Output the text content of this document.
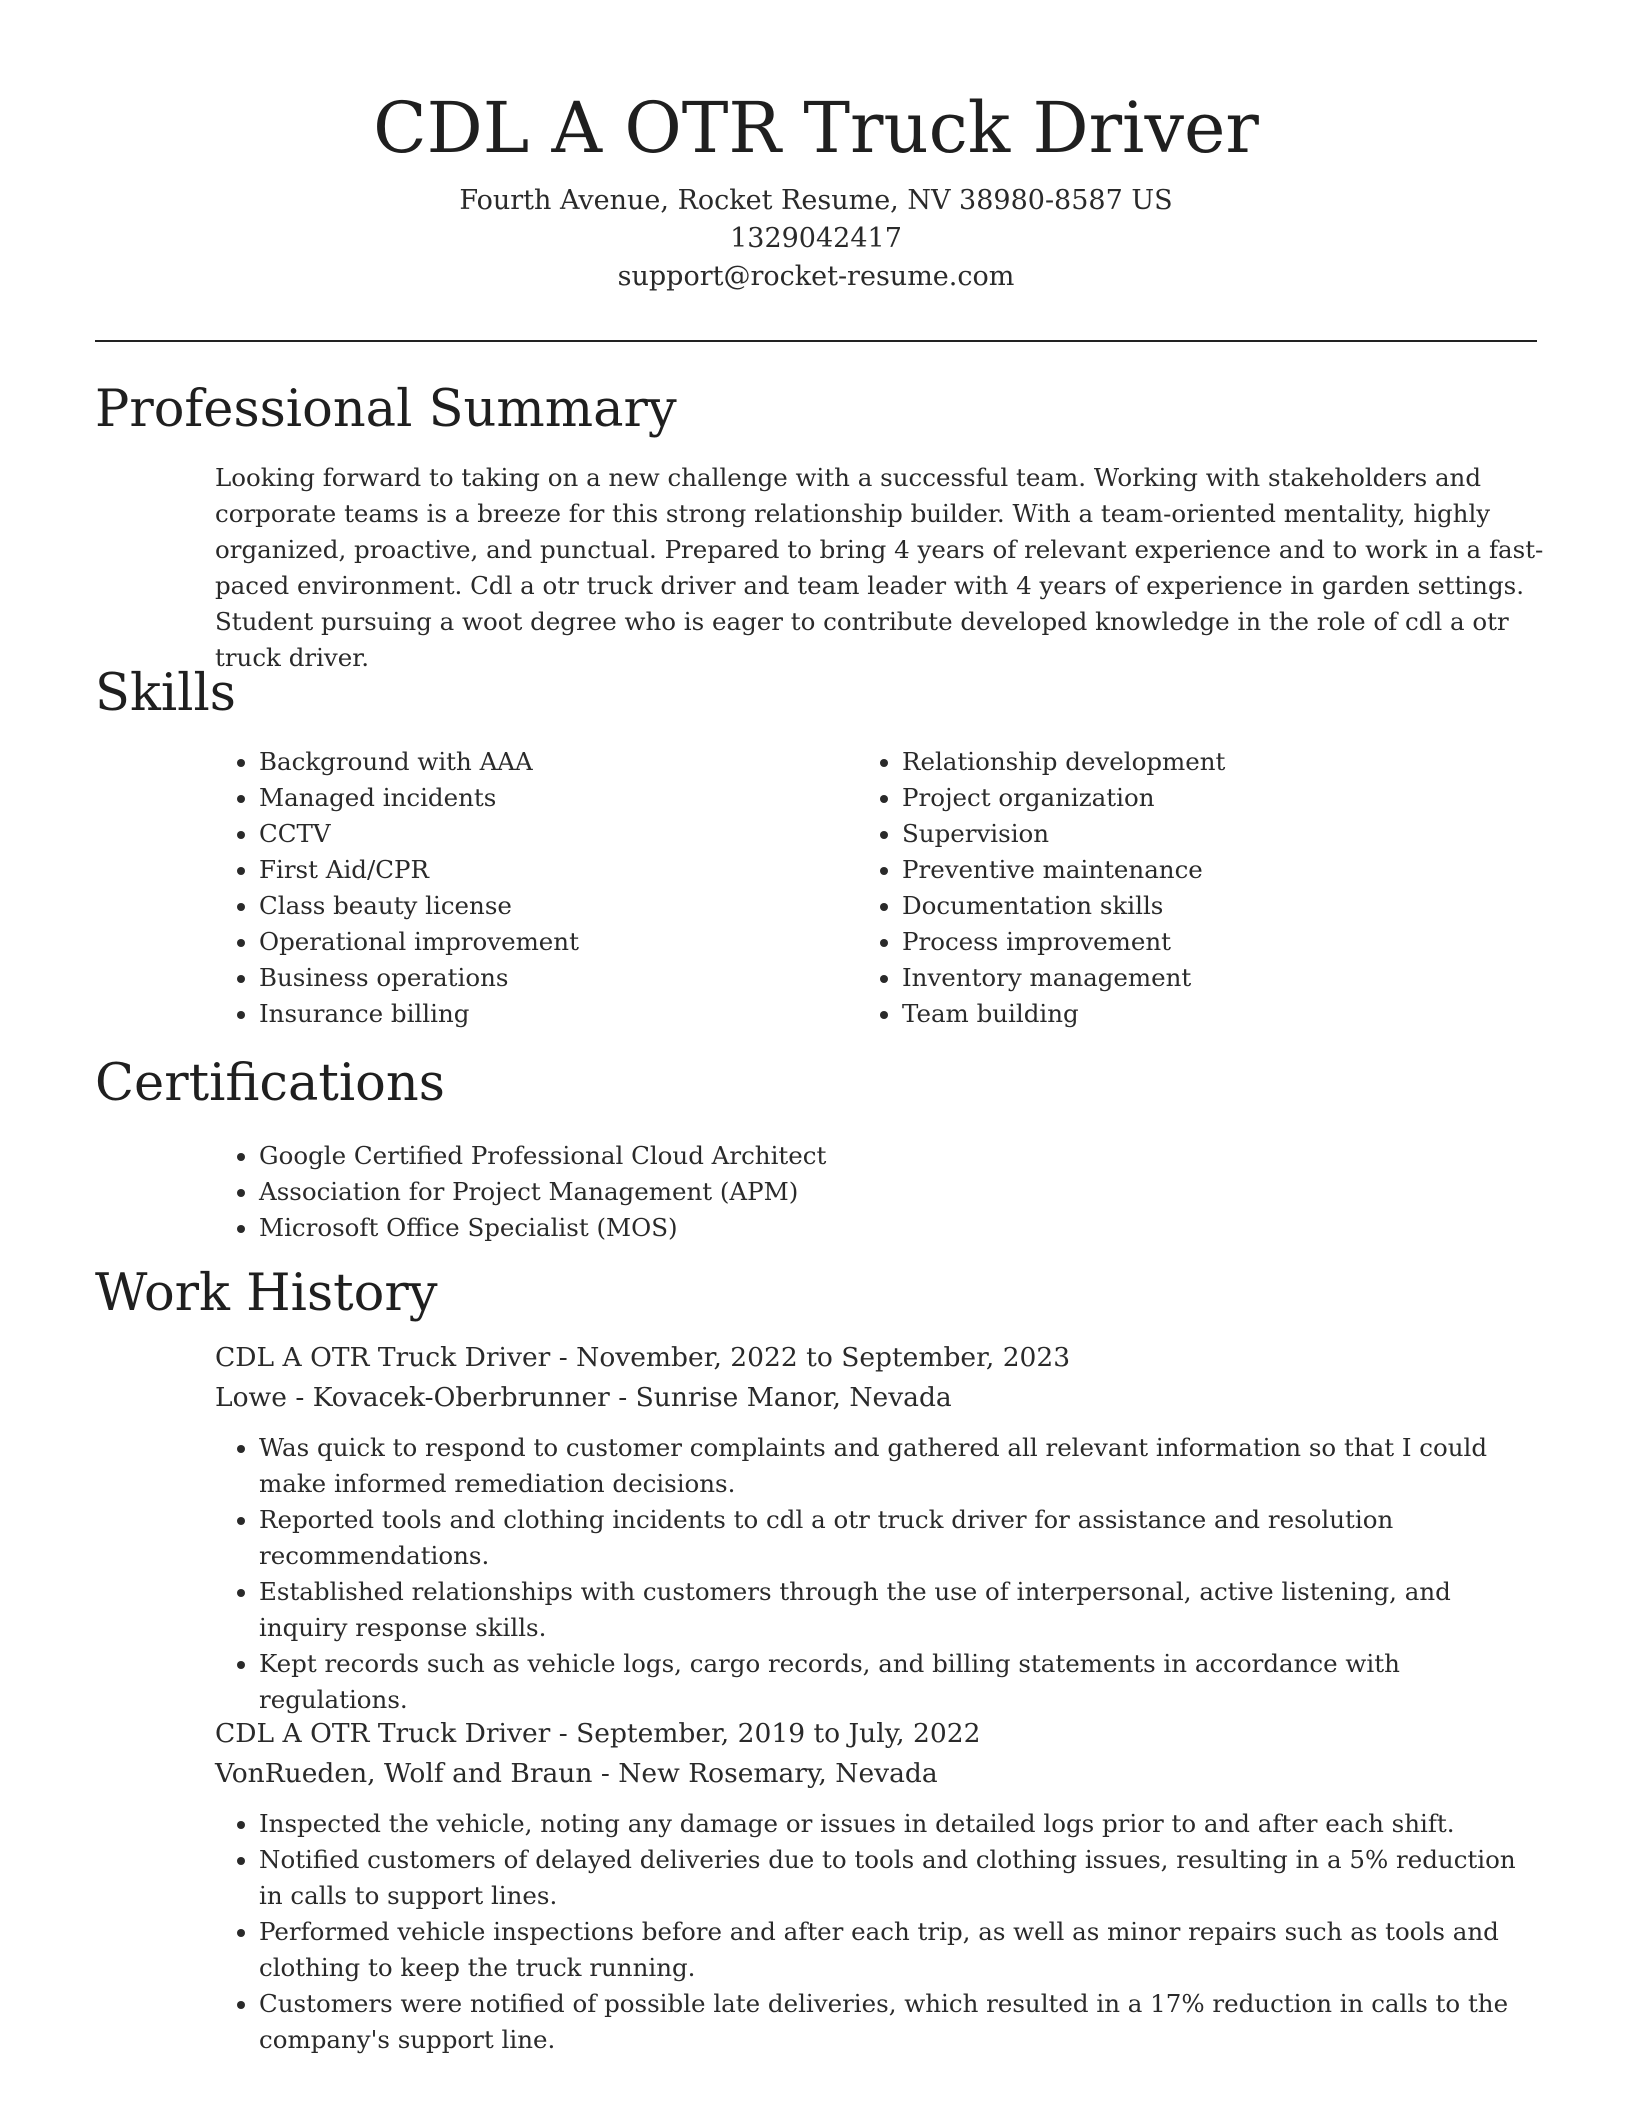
CDL A OTR Truck Driver
Fourth Avenue, Rocket Resume, NV 38980-8587 US
1329042417
support@rocket-resume.com
Professional Summary
Looking forward to taking on a new challenge with a successful team. Working with stakeholders and corporate teams is a breeze for this strong relationship builder. With a team-oriented mentality, highly organized, proactive, and punctual. Prepared to bring 4 years of relevant experience and to work in a fast-paced environment. Cdl a otr truck driver and team leader with 4 years of experience in garden settings. Student pursuing a woot degree who is eager to contribute developed knowledge in the role of cdl a otr truck driver.
Skills
• Background with AAA
• Managed incidents
• CCTV
• First Aid/CPR
• Class beauty license
• Operational improvement
• Business operations
• Insurance billing
• Relationship development
• Project organization
• Supervision
• Preventive maintenance
• Documentation skills
• Process improvement
• Inventory management
• Team building
Certifications
• Google Certified Professional Cloud Architect
• Association for Project Management (APM)
• Microsoft Office Specialist (MOS)
Work History
CDL A OTR Truck Driver - November, 2022 to September, 2023
Lowe - Kovacek-Oberbrunner - Sunrise Manor, Nevada
• Was quick to respond to customer complaints and gathered all relevant information so that I could make informed remediation decisions.
• Reported tools and clothing incidents to cdl a otr truck driver for assistance and resolution recommendations.
• Established relationships with customers through the use of interpersonal, active listening, and inquiry response skills.
• Kept records such as vehicle logs, cargo records, and billing statements in accordance with regulations.
CDL A OTR Truck Driver - September, 2019 to July, 2022
VonRueden, Wolf and Braun - New Rosemary, Nevada
• Inspected the vehicle, noting any damage or issues in detailed logs prior to and after each shift.
• Notified customers of delayed deliveries due to tools and clothing issues, resulting in a 5% reduction in calls to support lines.
• Performed vehicle inspections before and after each trip, as well as minor repairs such as tools and clothing to keep the truck running.
• Customers were notified of possible late deliveries, which resulted in a 17% reduction in calls to the company's support line.
